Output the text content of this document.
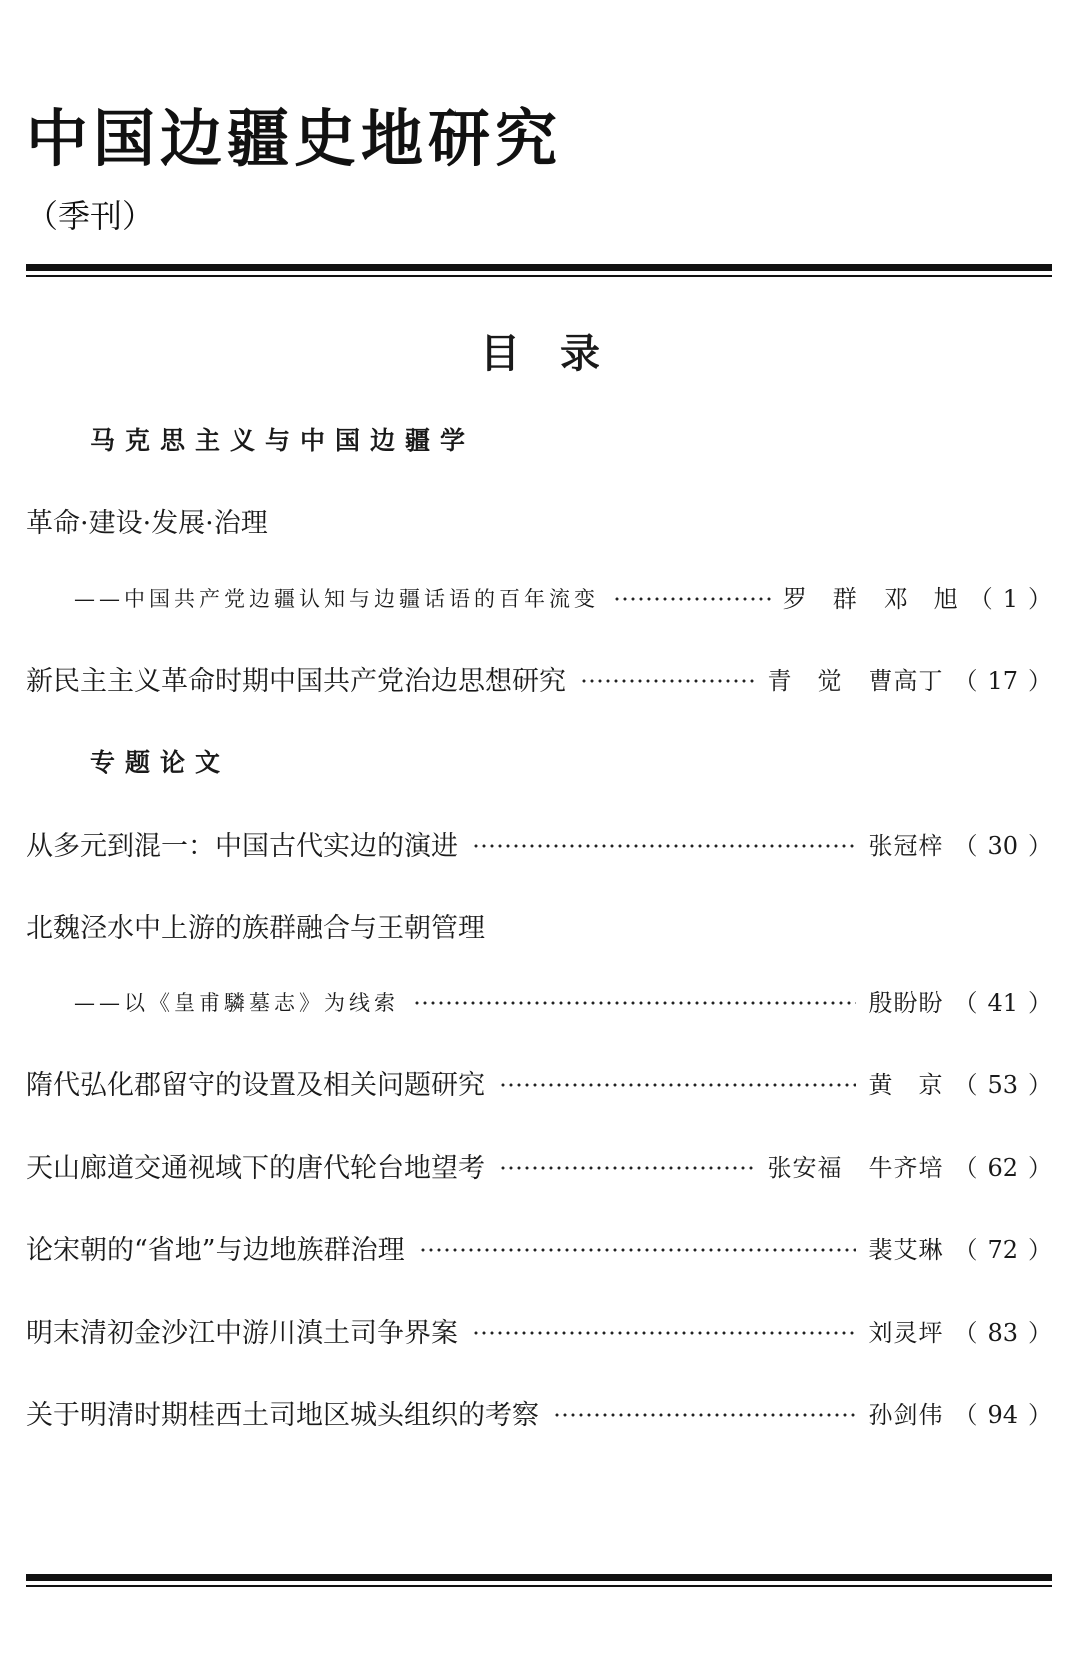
中国边疆史地研究
（季刊）
目录
马克思主义与中国边疆学
革命·建设·发展·治理
——中国共产党边疆认知与边疆话语的百年流变	罗　群 邓　旭 （ 1 ）
新民主主义革命时期中国共产党治边思想研究	青　觉 曹高丁 （ 17 ）
专题论文
从多元到混一：中国古代实边的演进	张冠梓 （ 30 ）
北魏泾水中上游的族群融合与王朝管理
——以《皇甫驎墓志》为线索	殷盼盼 （ 41 ）
隋代弘化郡留守的设置及相关问题研究	黄　京 （ 53 ）
天山廊道交通视域下的唐代轮台地望考	张安福 牛齐培 （ 62 ）
论宋朝的“省地”与边地族群治理	裴艾琳 （ 72 ）
明末清初金沙江中游川滇土司争界案	刘灵坪 （ 83 ）
关于明清时期桂西土司地区城头组织的考察	孙剑伟 （ 94 ）
